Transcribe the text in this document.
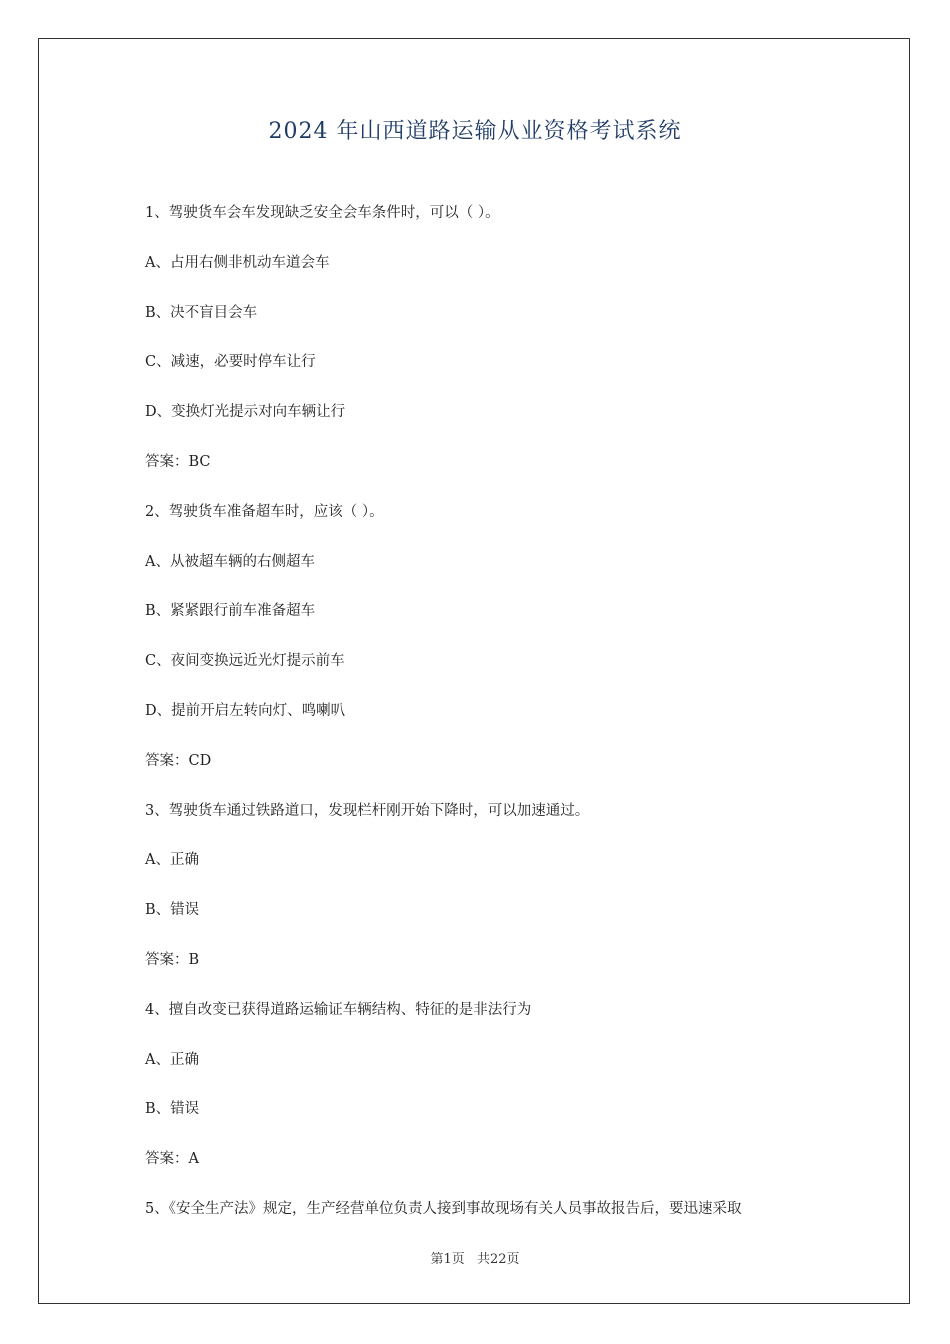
2024 年山西道路运输从业资格考试系统
1、驾驶货车会车发现缺乏安全会车条件时，可以（ ）。
A、占用右侧非机动车道会车
B、决不盲目会车
C、减速，必要时停车让行
D、变换灯光提示对向车辆让行
答案：BC
2、驾驶货车准备超车时，应该（ ）。
A、从被超车辆的右侧超车
B、紧紧跟行前车准备超车
C、夜间变换远近光灯提示前车
D、提前开启左转向灯、鸣喇叭
答案：CD
3、驾驶货车通过铁路道口，发现栏杆刚开始下降时，可以加速通过。
A、正确
B、错误
答案：B
4、擅自改变已获得道路运输证车辆结构、特征的是非法行为
A、正确
B、错误
答案：A
5、《安全生产法》规定，生产经营单位负责人接到事故现场有关人员事故报告后，要迅速采取
第1页 共22页
